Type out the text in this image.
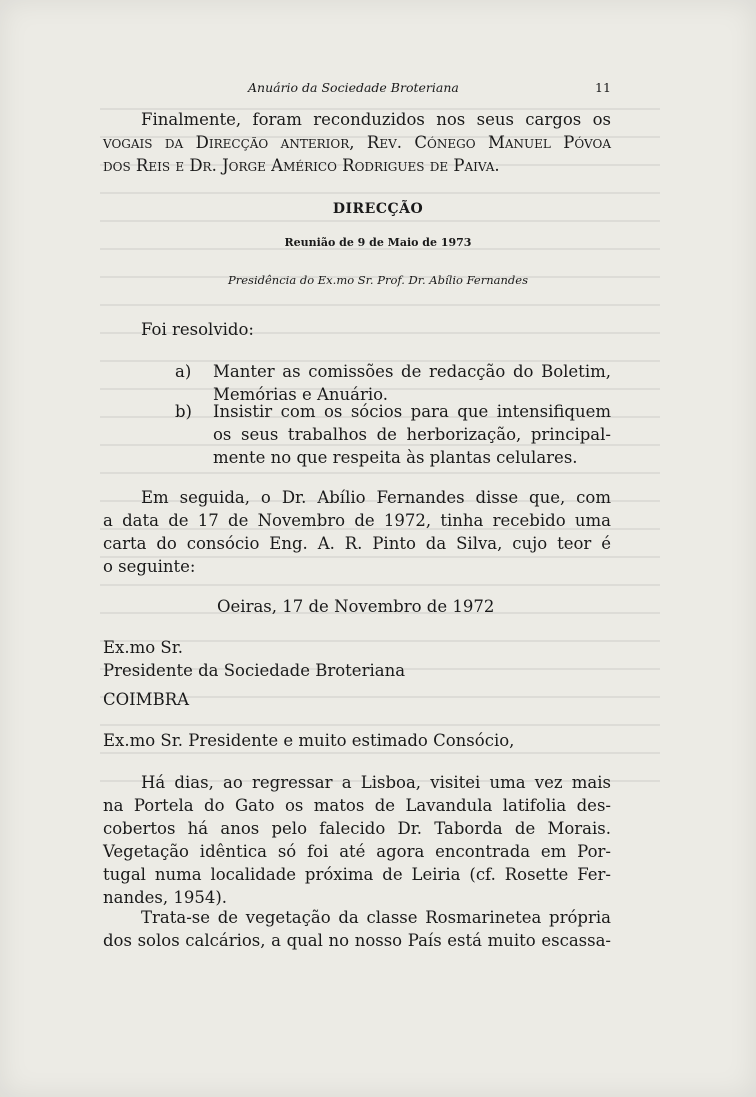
Anuário da Sociedade Broteriana	11
Finalmente, foram reconduzidos nos seus cargos os
vogais da Direcção anterior, Rev. Cónego Manuel Póvoa
dos Reis e Dr. Jorge Américo Rodrigues de Paiva.
DIRECÇÃO
Reunião de 9 de Maio de 1973
Presidência do Ex.mo Sr. Prof. Dr. Abílio Fernandes
Foi resolvido:
a) Manter as comissões de redacção do Boletim,
Memórias e Anuário.
b) Insistir com os sócios para que intensifiquem
os seus trabalhos de herborização, principal-
mente no que respeita às plantas celulares.
Em seguida, o Dr. Abílio Fernandes disse que, com
a data de 17 de Novembro de 1972, tinha recebido uma
carta do consócio Eng. A. R. Pinto da Silva, cujo teor é
o seguinte:
Oeiras, 17 de Novembro de 1972
Ex.mo Sr.
Presidente da Sociedade Broteriana
COIMBRA
Ex.mo Sr. Presidente e muito estimado Consócio,
Há dias, ao regressar a Lisboa, visitei uma vez mais
na Portela do Gato os matos de Lavandula latifolia des-
cobertos há anos pelo falecido Dr. Taborda de Morais.
Vegetação idêntica só foi até agora encontrada em Por-
tugal numa localidade próxima de Leiria (cf. Rosette Fer-
nandes, 1954).
Trata-se de vegetação da classe Rosmarinetea própria
dos solos calcários, a qual no nosso País está muito escassa-
